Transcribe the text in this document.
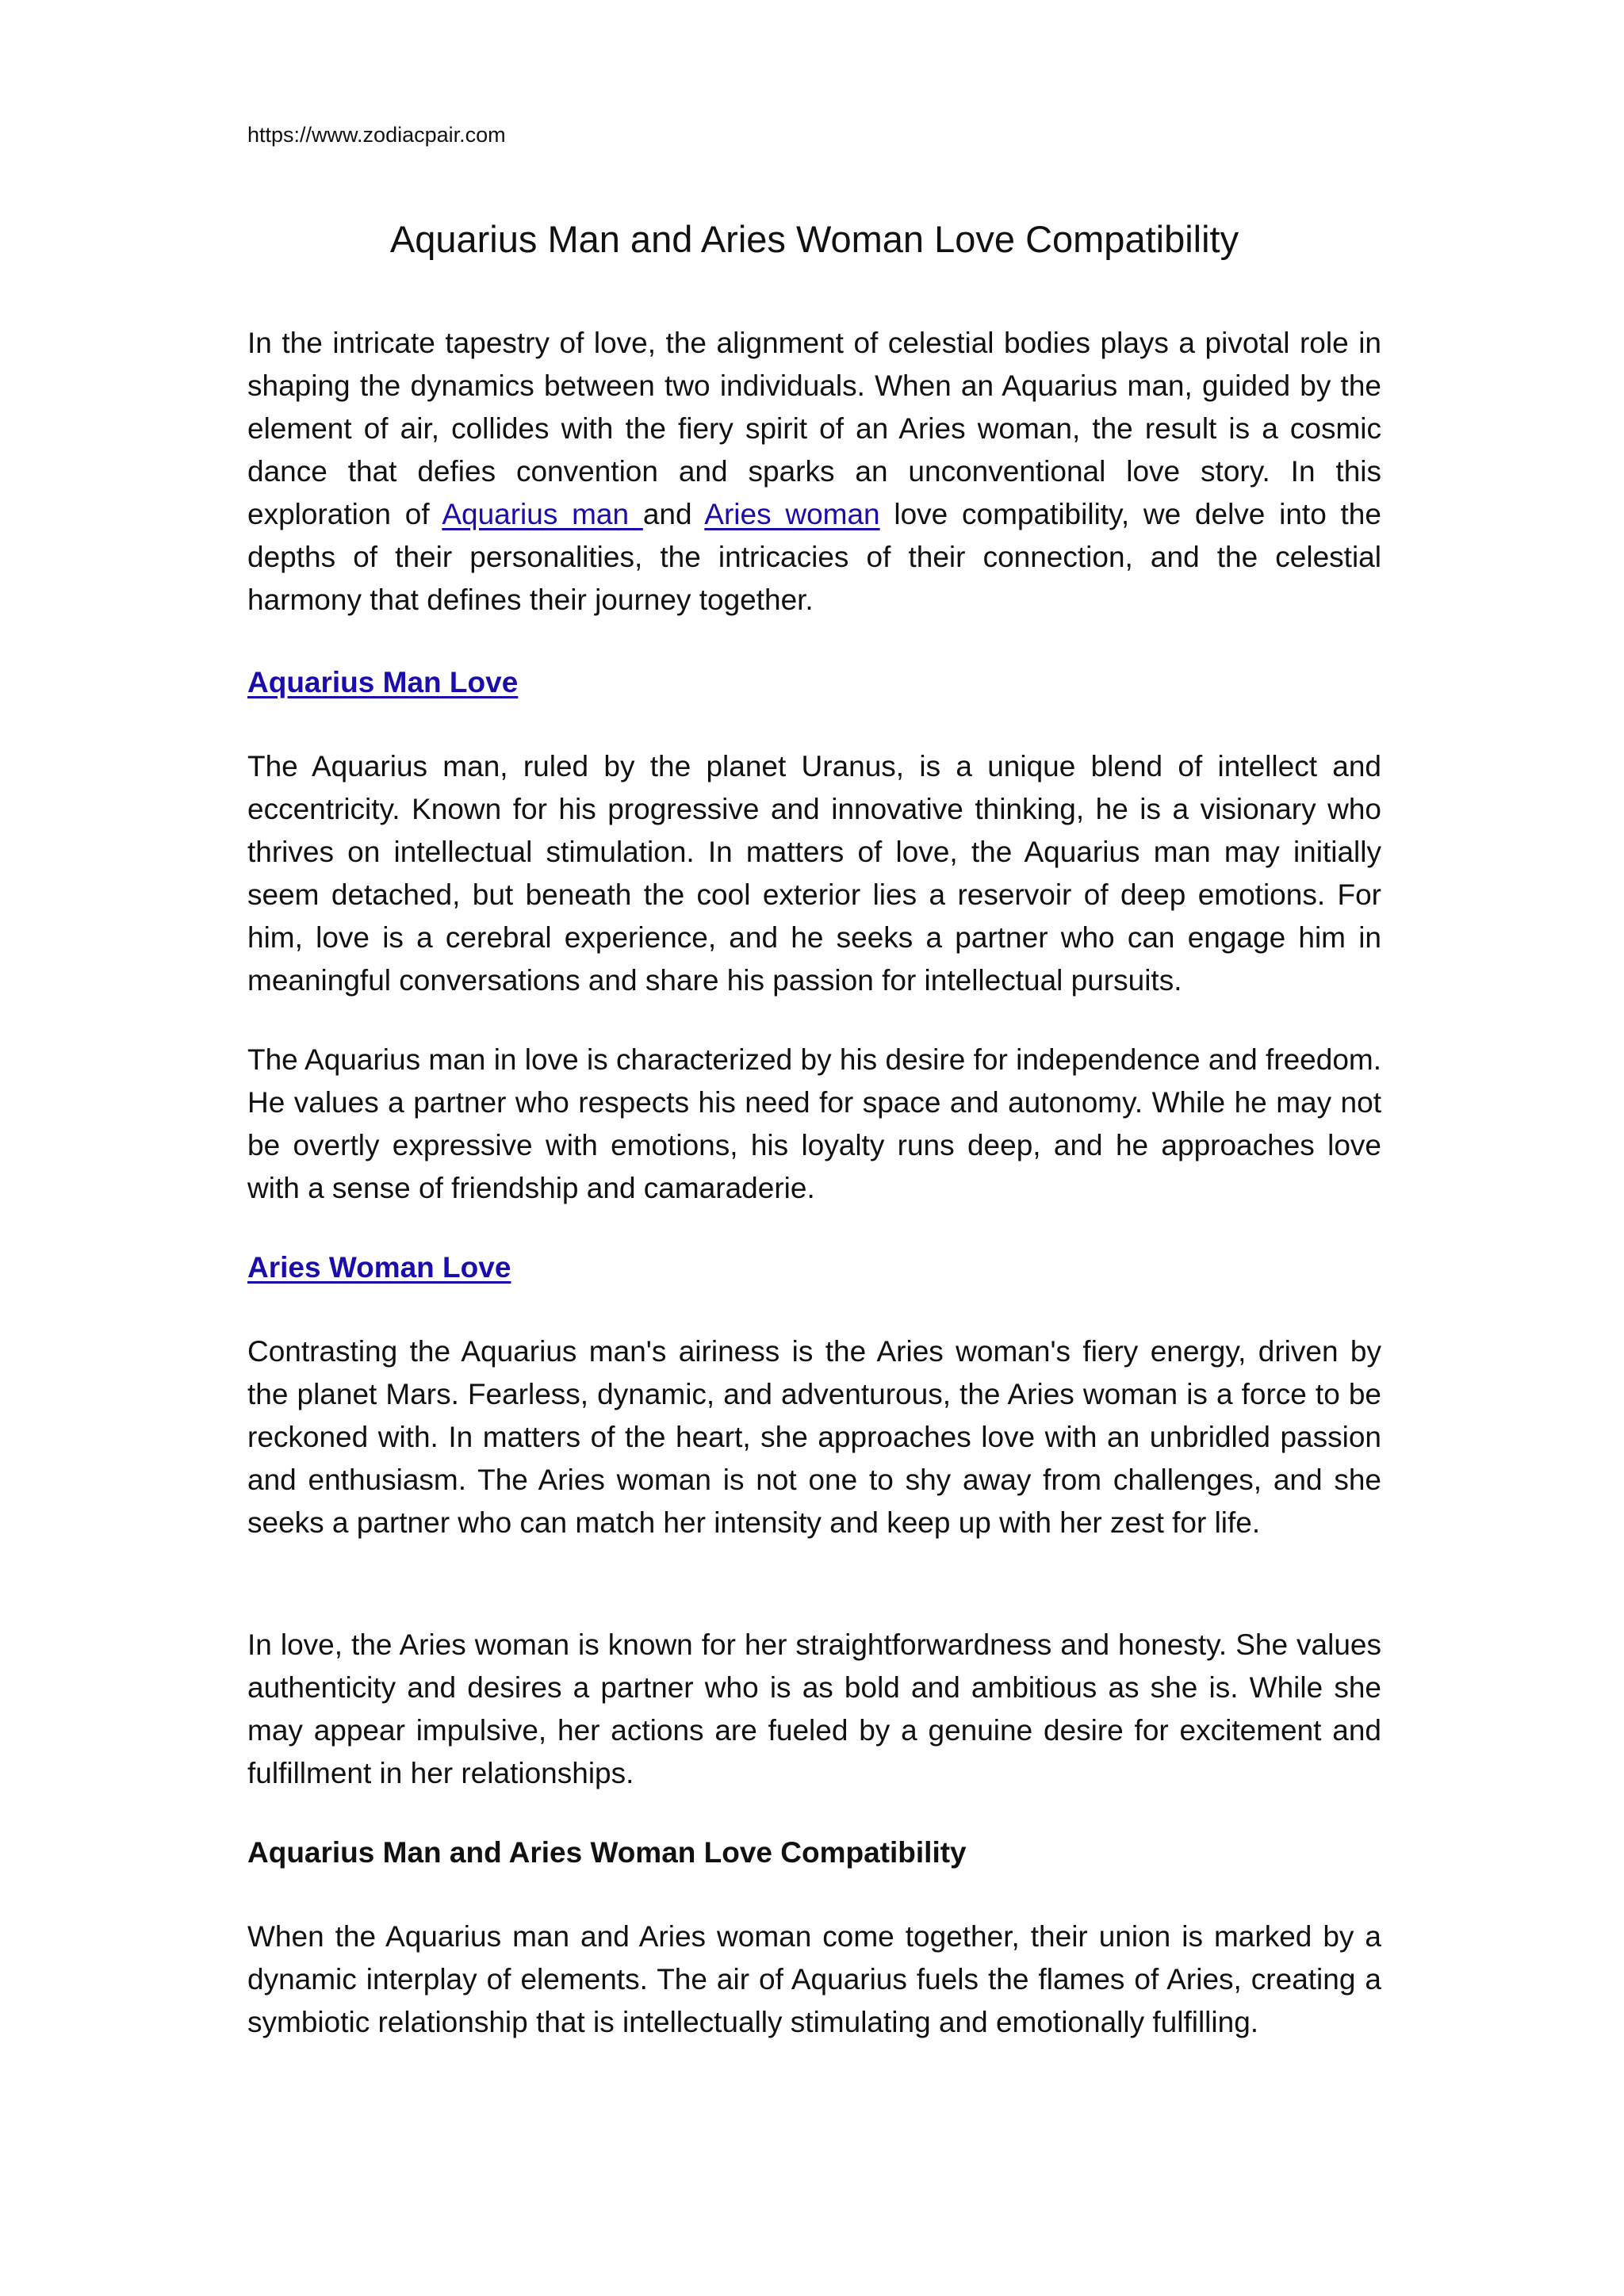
https://www.zodiacpair.com
Aquarius Man and Aries Woman Love Compatibility

In the intricate tapestry of love, the alignment of celestial bodies plays a pivotal role in shaping the dynamics between two individuals. When an Aquarius man, guided by the element of air, collides with the fiery spirit of an Aries woman, the result is a cosmic dance that defies convention and sparks an unconventional love story. In this exploration of Aquarius man and Aries woman love compatibility, we delve into the depths of their personalities, the intricacies of their connection, and the celestial harmony that defines their journey together.

Aquarius Man Love

The Aquarius man, ruled by the planet Uranus, is a unique blend of intellect and eccentricity. Known for his progressive and innovative thinking, he is a visionary who thrives on intellectual stimulation. In matters of love, the Aquarius man may initially seem detached, but beneath the cool exterior lies a reservoir of deep emotions. For him, love is a cerebral experience, and he seeks a partner who can engage him in meaningful conversations and share his passion for intellectual pursuits.

The Aquarius man in love is characterized by his desire for independence and freedom. He values a partner who respects his need for space and autonomy. While he may not be overtly expressive with emotions, his loyalty runs deep, and he approaches love with a sense of friendship and camaraderie.

Aries Woman Love

Contrasting the Aquarius man's airiness is the Aries woman's fiery energy, driven by the planet Mars. Fearless, dynamic, and adventurous, the Aries woman is a force to be reckoned with. In matters of the heart, she approaches love with an unbridled passion and enthusiasm. The Aries woman is not one to shy away from challenges, and she seeks a partner who can match her intensity and keep up with her zest for life.

In love, the Aries woman is known for her straightforwardness and honesty. She values authenticity and desires a partner who is as bold and ambitious as she is. While she may appear impulsive, her actions are fueled by a genuine desire for excitement and fulfillment in her relationships.

Aquarius Man and Aries Woman Love Compatibility

When the Aquarius man and Aries woman come together, their union is marked by a dynamic interplay of elements. The air of Aquarius fuels the flames of Aries, creating a symbiotic relationship that is intellectually stimulating and emotionally fulfilling.
